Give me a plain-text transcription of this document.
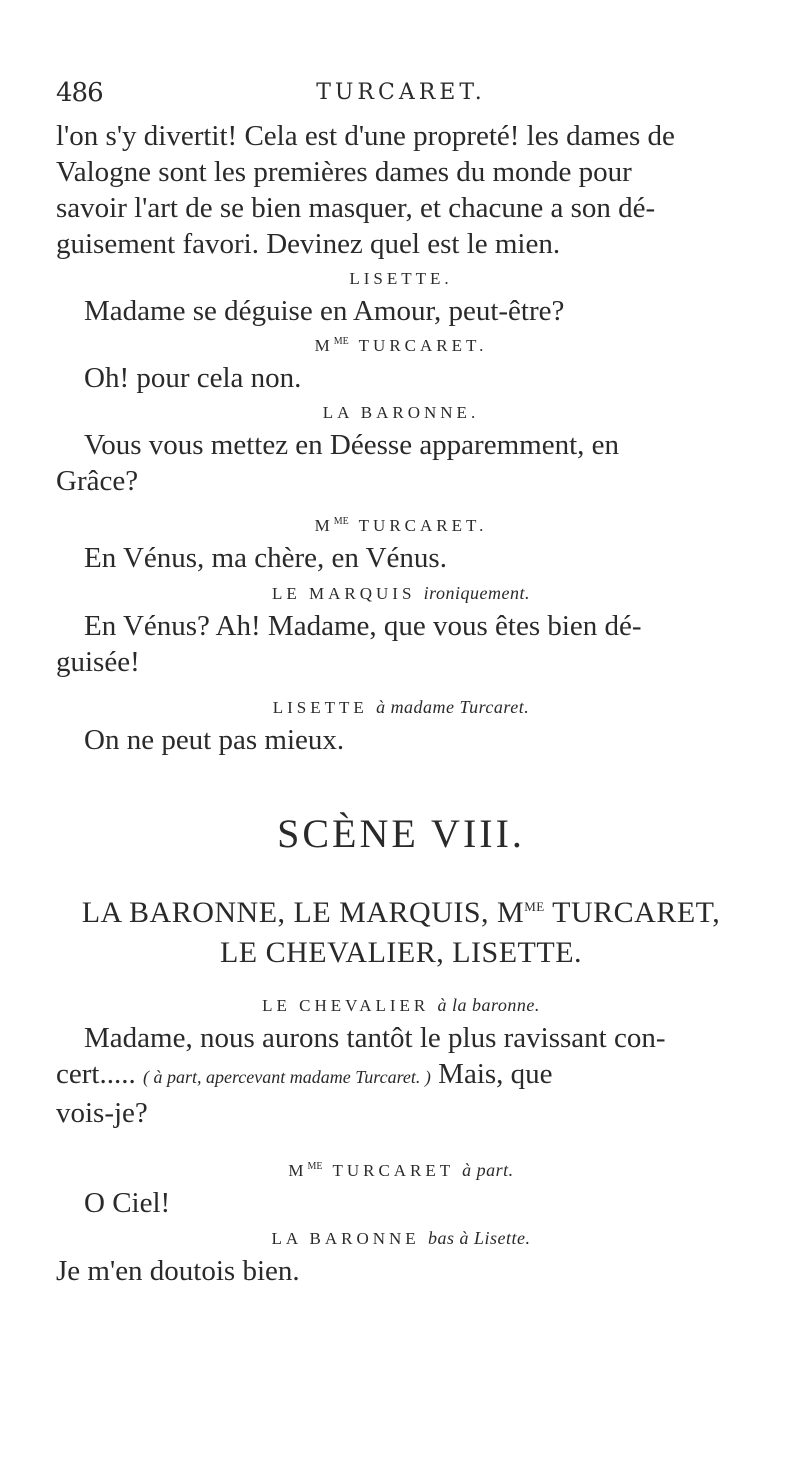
486	TURCARET.

l'on s'y divertit! Cela est d'une propreté! les dames de
Valogne sont les premières dames du monde pour
savoir l'art de se bien masquer, et chacune a son dé-
guisement favori. Devinez quel est le mien.

LISETTE.

Madame se déguise en Amour, peut-être?

$M^{ME}$ TURCARET.

Oh! pour cela non.

LA BARONNE.

Vous vous mettez en Déesse apparemment, en
Grâce?

$M^{ME}$ TURCARET.

En Vénus, ma chère, en Vénus.

LE MARQUIS ironiquement.

En Vénus? Ah! Madame, que vous êtes bien dé-
guisée!

LISETTE à madame Turcaret.

On ne peut pas mieux.

SCÈNE VIII.
LA BARONNE, LE MARQUIS, $M^{ME}$ TURCARET,
LE CHEVALIER, LISETTE.
LE CHEVALIER à la baronne.

Madame, nous aurons tantôt le plus ravissant con-
cert..... ( à part, apercevant madame Turcaret. ) Mais, que
vois-je?

$M^{ME}$ TURCARET à part.

O Ciel!

LA BARONNE bas à Lisette.

Je m'en doutois bien.
